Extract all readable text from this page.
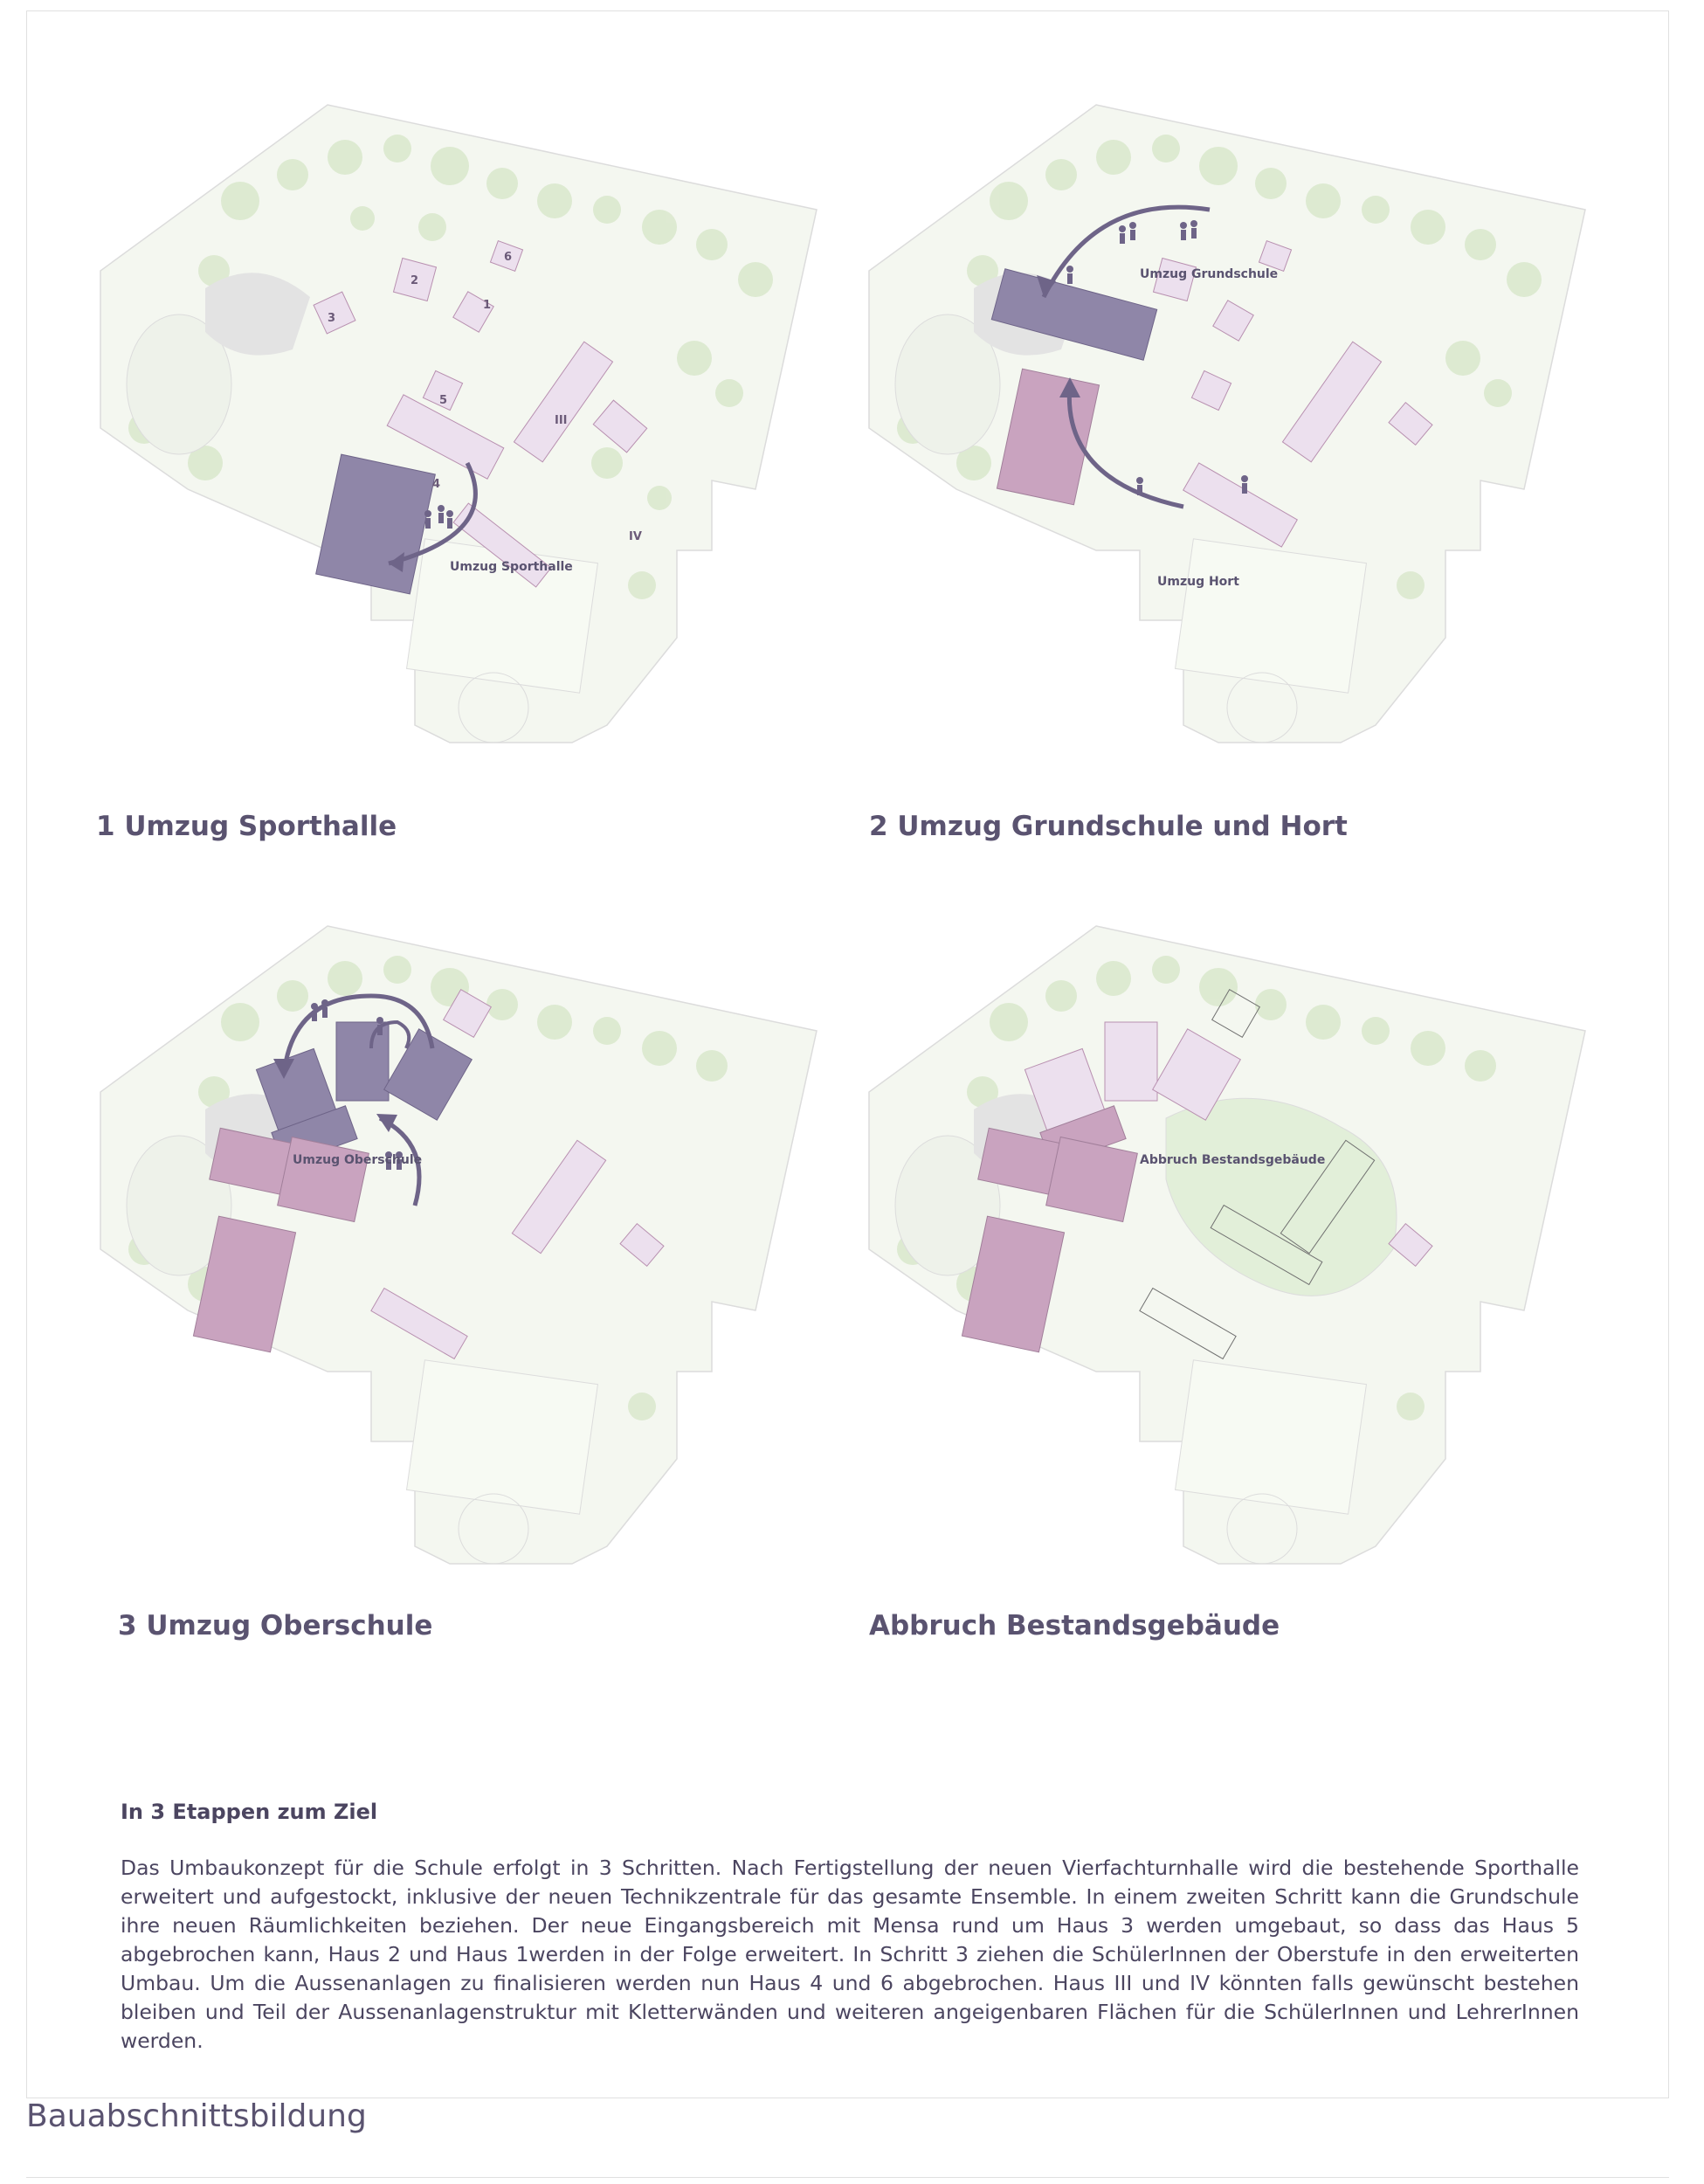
2
1
3
6
5
4
III
IV
Umzug Sporthalle
1 Umzug Sporthalle
Umzug Grundschule
Umzug Hort
2 Umzug Grundschule und Hort
Umzug Oberschule
3 Umzug Oberschule
Abbruch Bestandsgebäude
Abbruch Bestandsgebäude
In 3 Etappen zum Ziel
Das Umbaukonzept für die Schule erfolgt in 3 Schritten. Nach Fertigstellung der neuen Vierfachturnhalle wird die bestehende Sporthalle erweitert und aufgestockt, inklusive der neuen Technikzentrale für das gesamte Ensemble. In einem zweiten Schritt kann die Grundschule ihre neuen Räumlichkeiten beziehen. Der neue Eingangsbereich mit Mensa rund um Haus 3 werden umgebaut, so dass das Haus 5 abgebrochen kann, Haus 2 und Haus 1werden in der Folge erweitert. In Schritt 3 ziehen die SchülerInnen der Oberstufe in den erweiterten Umbau. Um die Aussenanlagen zu finalisieren werden nun Haus 4 und 6 abgebrochen. Haus III und IV könnten falls gewünscht bestehen bleiben und Teil der Aussenanlagenstruktur mit Kletterwänden und weiteren angeigenbaren Flächen für die SchülerInnen und LehrerInnen werden.
Bauabschnittsbildung
